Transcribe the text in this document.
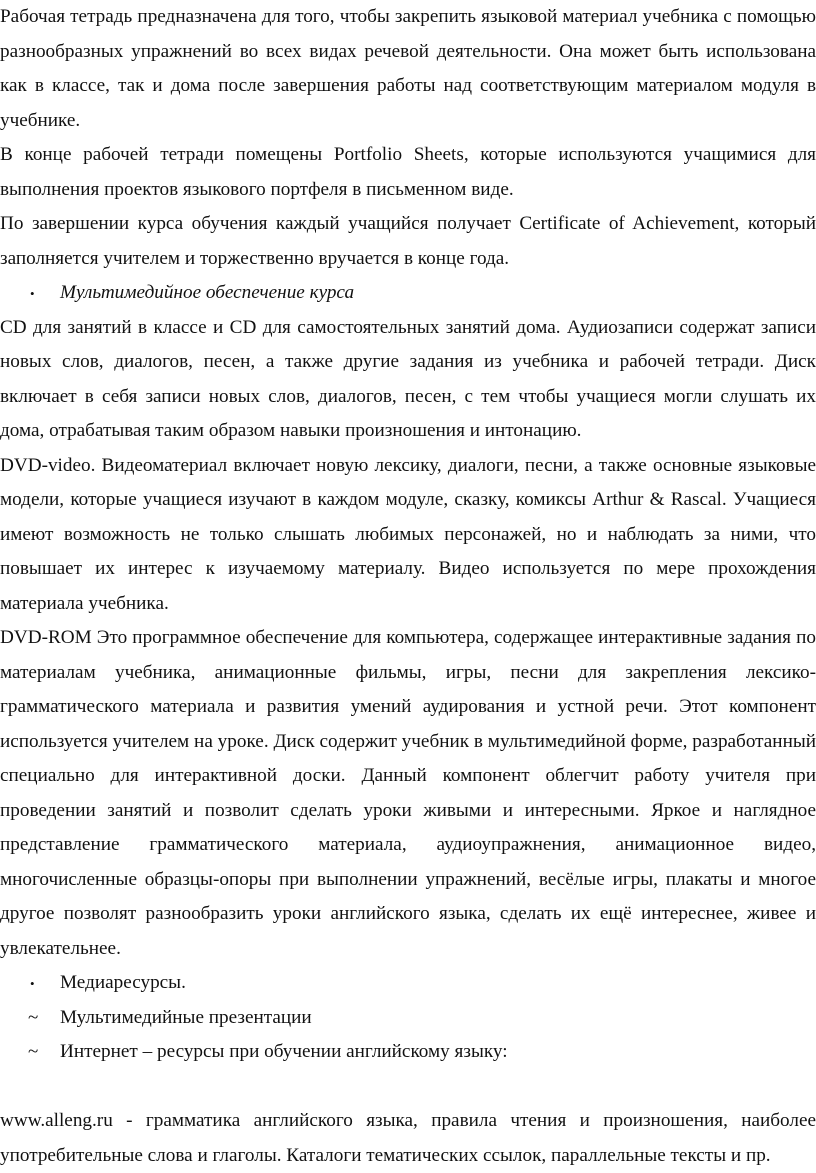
Рабочая тетрадь предназначена для того, чтобы закрепить языковой материал учебника с помощью разнообразных упражнений во всех видах речевой деятельности. Она может быть использована как в классе, так и дома после завершения работы над соответствующим материалом модуля в учебнике.

В конце рабочей тетради помещены Portfolio Sheets, которые используются учащимися для выполнения проектов языкового портфеля в письменном виде.

По завершении курса обучения каждый учащийся получает Certificate of Achievement, который заполняется учителем и торжественно вручается в конце года.

•	Мультимедийное обеспечение курса

CD для занятий в классе и CD для самостоятельных занятий дома. Аудиозаписи содержат записи новых слов, диалогов, песен, а также другие задания из учебника и рабочей тетради. Диск включает в себя записи новых слов, диалогов, песен, с тем чтобы учащиеся могли слушать их дома, отрабатывая таким образом навыки произношения и интонацию.

DVD-video. Видеоматериал включает новую лексику, диалоги, песни, а также основные языковые модели, которые учащиеся изучают в каждом модуле, сказку, комиксы Arthur & Rascal. Учащиеся имеют возможность не только слышать любимых персонажей, но и наблюдать за ними, что повышает их интерес к изучаемому материалу. Видео используется по мере прохождения материала учебника.

DVD-ROM Это программное обеспечение для компьютера, содержащее интерактивные задания по материалам учебника, анимационные фильмы, игры, песни для закрепления лексико-грамматического материала и развития умений аудирования и устной речи. Этот компонент используется учителем на уроке. Диск содержит учебник в мультимедийной форме, разработанный специально для интерактивной доски. Данный компонент облегчит работу учителя при проведении занятий и позволит сделать уроки живыми и интересными. Яркое и наглядное представление грамматического материала, аудиоупражнения, анимационное видео, многочисленные образцы-опоры при выполнении упражнений, весёлые игры, плакаты и многое другое позволят разнообразить уроки английского языка, сделать их ещё интереснее, живее и увлекательнее.

•	Медиаресурсы.
~	Мультимедийные презентации
~	Интернет – ресурсы при обучении английскому языку:

www.alleng.ru - грамматика английского языка, правила чтения и произношения, наиболее употребительные слова и глаголы. Каталоги тематических ссылок, параллельные тексты и пр.
